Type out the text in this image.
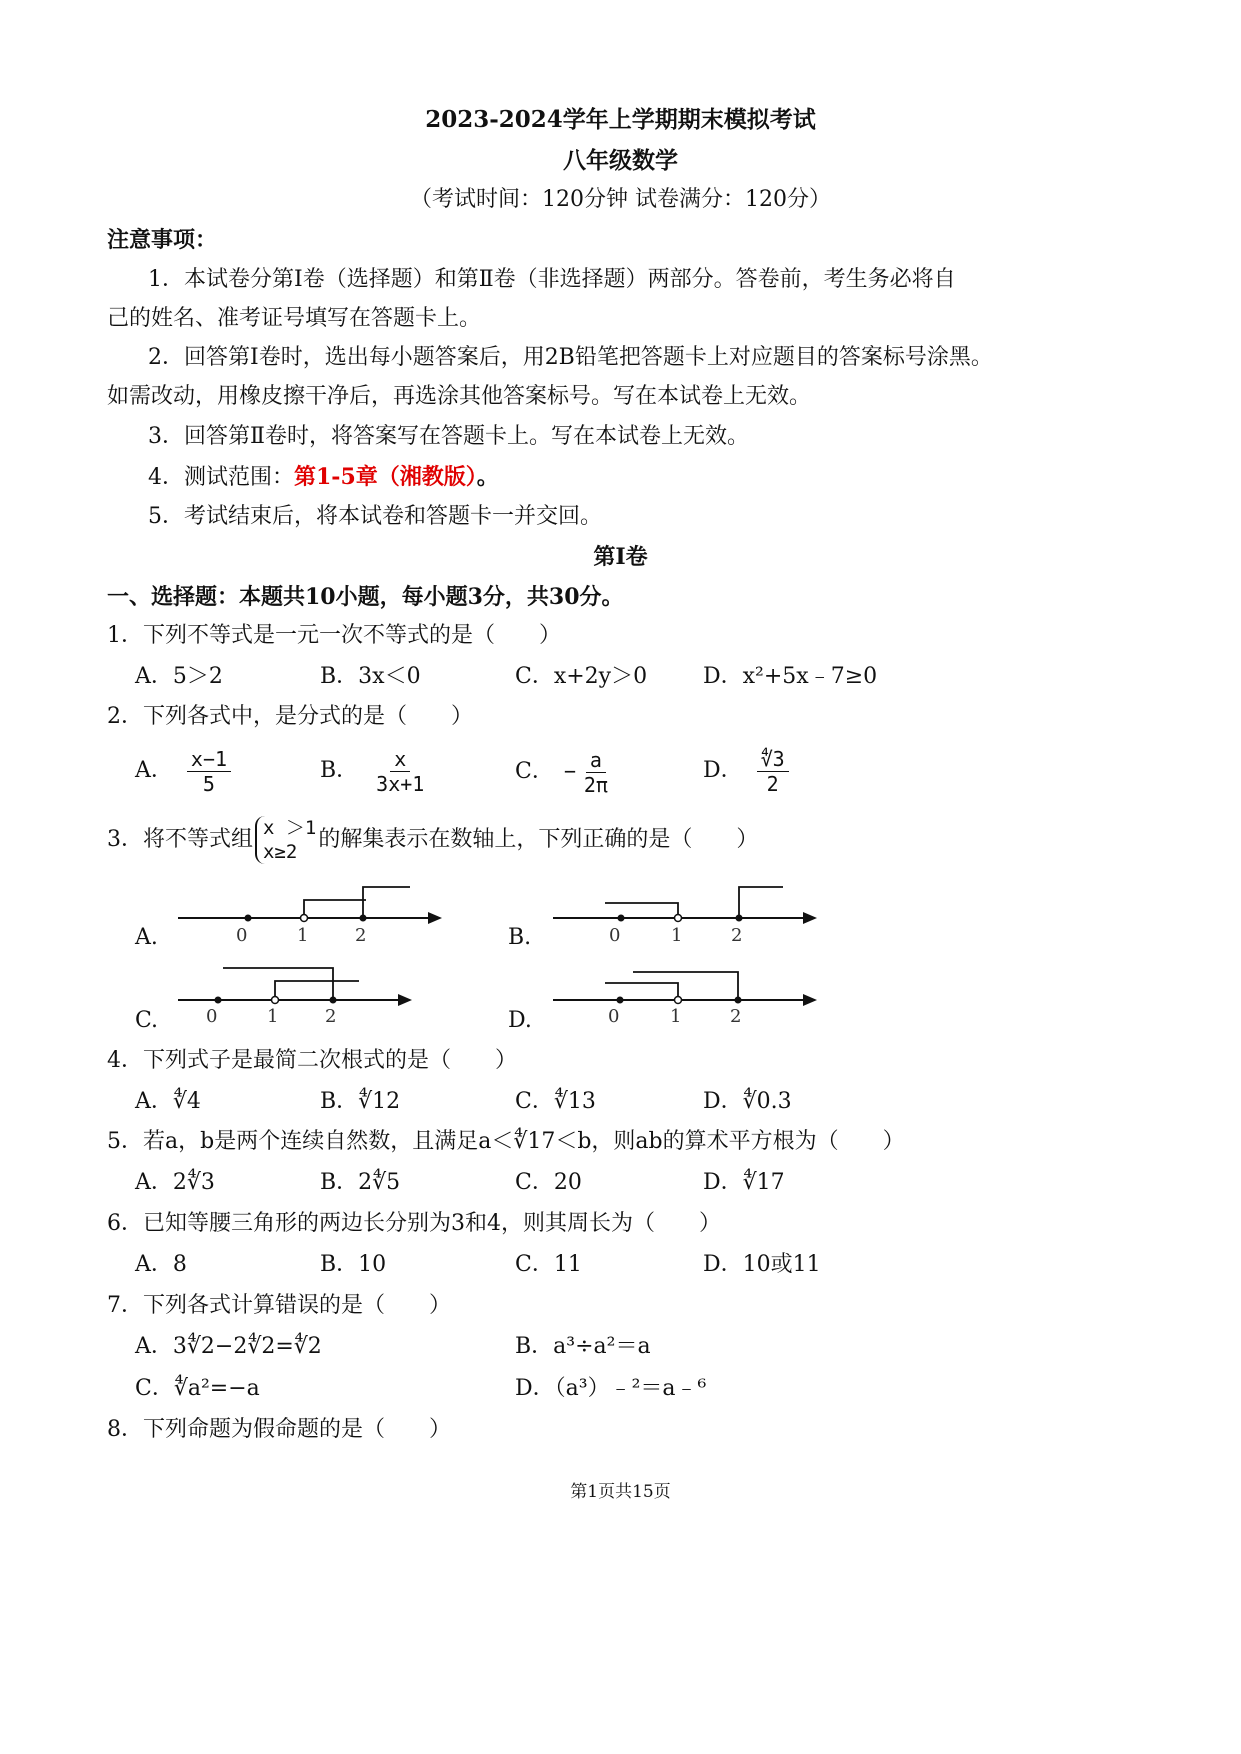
2023-2024学年上学期期末模拟考试
八年级数学
（考试时间：120分钟 试卷满分：120分）
注意事项：
1．本试卷分第Ⅰ卷（选择题）和第Ⅱ卷（非选择题）两部分。答卷前，考生务必将自
己的姓名、准考证号填写在答题卡上。
2．回答第Ⅰ卷时，选出每小题答案后，用2B铅笔把答题卡上对应题目的答案标号涂黑。
如需改动，用橡皮擦干净后，再选涂其他答案标号。写在本试卷上无效。
3．回答第Ⅱ卷时，将答案写在答题卡上。写在本试卷上无效。
4．测试范围：第1-5章（湘教版）。
5．考试结束后，将本试卷和答题卡一并交回。
第Ⅰ卷
一、选择题：本题共10小题，每小题3分，共30分。
1．下列不等式是一元一次不等式的是（　　）
A．5＞2	B．3x＜0	C．x+2y＞0	D．x²+5x﹣7≥0
2．下列各式中，是分式的是（　　）
A． $\frac{x-1}{5}$	B． $\frac{x}{3x+1}$	C． − $\frac{a}{2\pi}$	D． $\frac{∜3}{2}$
3．将不等式组 x ＞1
x≥2 的解集表示在数轴上，下列正确的是（　　）
A.	B.
C.	D.
0	1	2	0	1	2
0	1	2	0	1	2
4．下列式子是最简二次根式的是（　　）
A．∜4	B．∜12	C．∜13	D．∜0.3
5．若a，b是两个连续自然数，且满足a＜∜17＜b，则ab的算术平方根为（　　）
A．2∜3	B．2∜5	C．20	D．∜17
6．已知等腰三角形的两边长分别为3和4，则其周长为（　　）
A．8	B．10	C．11	D．10或11
7．下列各式计算错误的是（　　）
A．3∜2−2∜2=∜2	B．a³÷a²＝a
C．∜a²=−a	D．（a³）﹣²＝a﹣⁶
8．下列命题为假命题的是（　　）
第1页共15页
